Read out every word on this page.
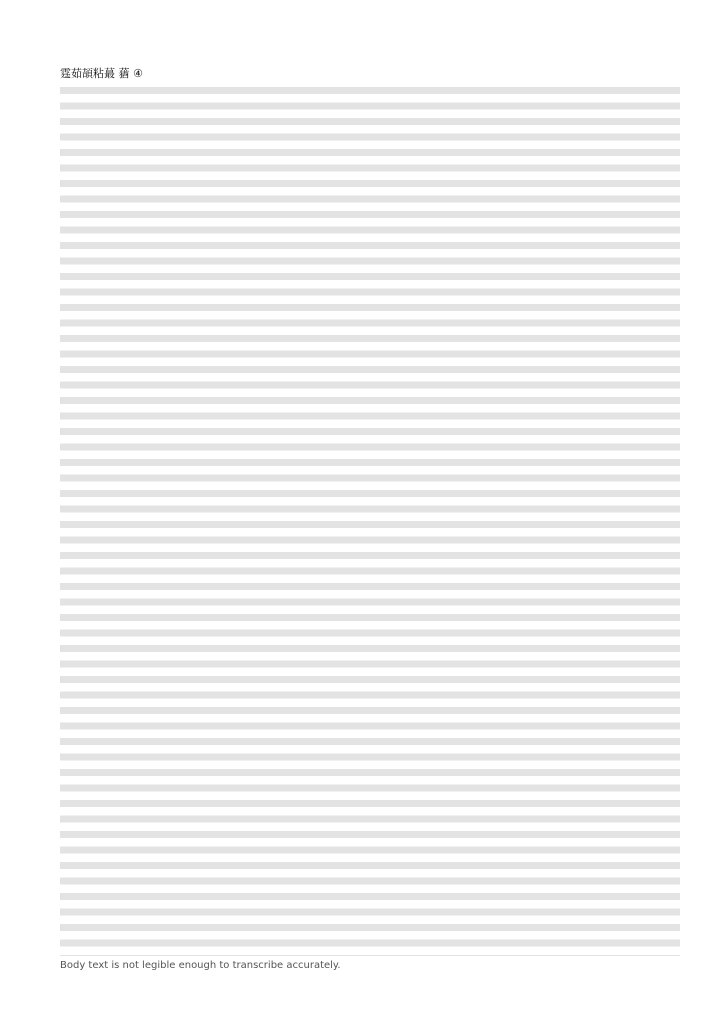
霆茹頡粘蕞 蕕 ④
Body text is not legible enough to transcribe accurately.
